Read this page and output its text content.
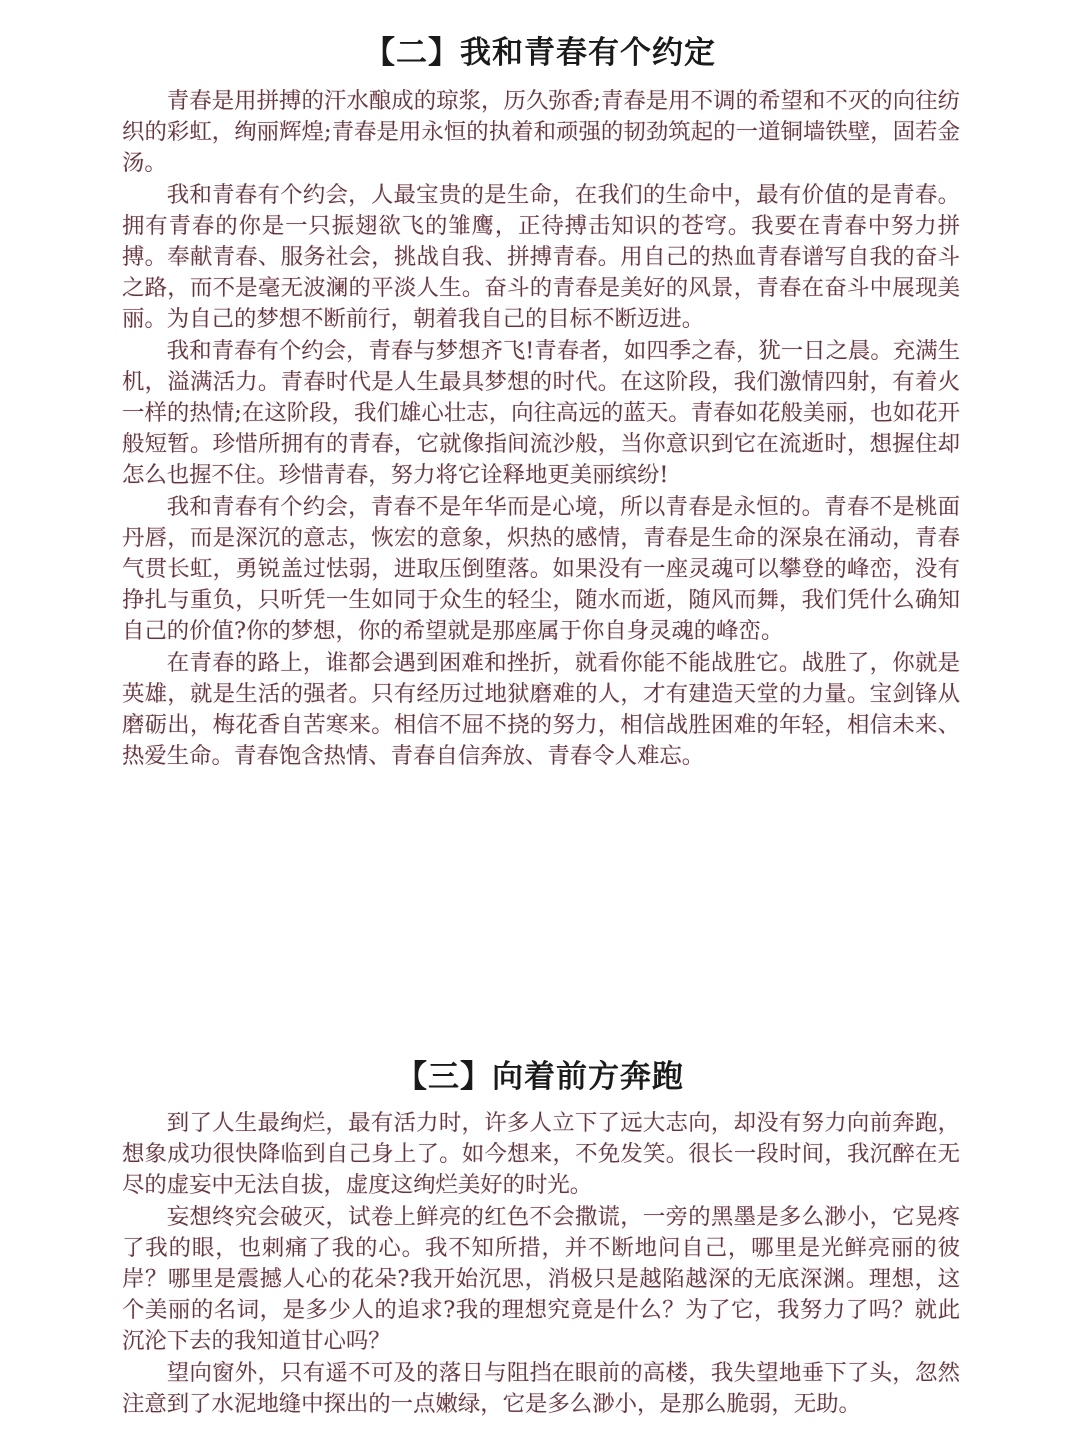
【二】我和青春有个约定

青春是用拼搏的汗水酿成的琼浆，历久弥香;青春是用不调的希望和不灭的向往纺织的彩虹，绚丽辉煌;青春是用永恒的执着和顽强的韧劲筑起的一道铜墙铁壁，固若金汤。

我和青春有个约会，人最宝贵的是生命，在我们的生命中，最有价值的是青春。拥有青春的你是一只振翅欲飞的雏鹰，正待搏击知识的苍穹。我要在青春中努力拼搏。奉献青春、服务社会，挑战自我、拼搏青春。用自己的热血青春谱写自我的奋斗之路，而不是毫无波澜的平淡人生。奋斗的青春是美好的风景，青春在奋斗中展现美丽。为自己的梦想不断前行，朝着我自己的目标不断迈进。

我和青春有个约会，青春与梦想齐飞!青春者，如四季之春，犹一日之晨。充满生机，溢满活力。青春时代是人生最具梦想的时代。在这阶段，我们激情四射，有着火一样的热情;在这阶段，我们雄心壮志，向往高远的蓝天。青春如花般美丽，也如花开般短暂。珍惜所拥有的青春，它就像指间流沙般，当你意识到它在流逝时，想握住却怎么也握不住。珍惜青春，努力将它诠释地更美丽缤纷!

我和青春有个约会，青春不是年华而是心境，所以青春是永恒的。青春不是桃面丹唇，而是深沉的意志，恢宏的意象，炽热的感情，青春是生命的深泉在涌动，青春气贯长虹，勇锐盖过怯弱，进取压倒堕落。如果没有一座灵魂可以攀登的峰峦，没有挣扎与重负，只听凭一生如同于众生的轻尘，随水而逝，随风而舞，我们凭什么确知自己的价值?你的梦想，你的希望就是那座属于你自身灵魂的峰峦。

在青春的路上，谁都会遇到困难和挫折，就看你能不能战胜它。战胜了，你就是英雄，就是生活的强者。只有经历过地狱磨难的人，才有建造天堂的力量。宝剑锋从磨砺出，梅花香自苦寒来。相信不屈不挠的努力，相信战胜困难的年轻，相信未来、热爱生命。青春饱含热情、青春自信奔放、青春令人难忘。

【三】向着前方奔跑

到了人生最绚烂，最有活力时，许多人立下了远大志向，却没有努力向前奔跑，想象成功很快降临到自己身上了。如今想来，不免发笑。很长一段时间，我沉醉在无尽的虚妄中无法自拔，虚度这绚烂美好的时光。

妄想终究会破灭，试卷上鲜亮的红色不会撒谎，一旁的黑墨是多么渺小，它晃疼了我的眼，也刺痛了我的心。我不知所措，并不断地问自己，哪里是光鲜亮丽的彼岸？哪里是震撼人心的花朵?我开始沉思，消极只是越陷越深的无底深渊。理想，这个美丽的名词，是多少人的追求?我的理想究竟是什么？为了它，我努力了吗？就此沉沦下去的我知道甘心吗？

望向窗外，只有遥不可及的落日与阻挡在眼前的高楼，我失望地垂下了头，忽然注意到了水泥地缝中探出的一点嫩绿，它是多么渺小，是那么脆弱，无助。
